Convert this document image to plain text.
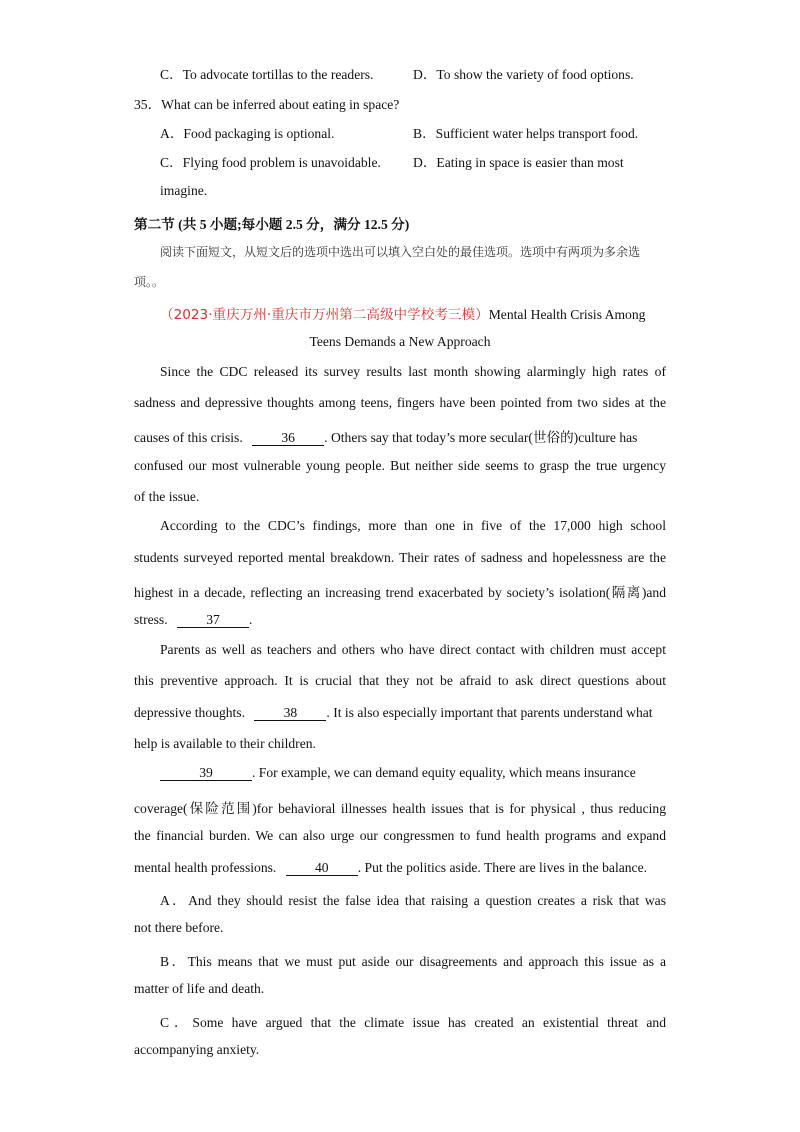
C．To advocate tortillas to the readers.	D．To show the variety of food options.
35．What can be inferred about eating in space?
A．Food packaging is optional.	B．Sufficient water helps transport food.
C．Flying food problem is unavoidable. D．Eating in space is easier than most
imagine.
第二节 (共 5 小题;每小题 2.5 分，满分 12.5 分)
阅读下面短文，从短文后的选项中选出可以填入空白处的最佳选项。选项中有两项为多余选
项。。
（2023·重庆万州·重庆市万州第二高级中学校考三模）Mental Health Crisis Among
Teens Demands a New Approach
Since the CDC released its survey results last month showing alarmingly high rates of
sadness and depressive thoughts among teens, fingers have been pointed from two sides at the
causes of this crisis.	36 . Others say that today’s more secular(世俗的)culture has
confused our most vulnerable young people. But neither side seems to grasp the true urgency
of the issue.
According to the CDC’s findings, more than one in five of the 17,000 high school
students surveyed reported mental breakdown. Their rates of sadness and hopelessness are the
highest in a decade, reflecting an increasing trend exacerbated by society’s isolation(隔离)and
stress.	37 .
Parents as well as teachers and others who have direct contact with children must accept
this preventive approach. It is crucial that they not be afraid to ask direct questions about
depressive thoughts.	38 . It is also especially important that parents understand what
help is available to their children.
39	. For example, we can demand equity equality, which means insurance
coverage(保险范围)for behavioral illnesses health issues that is for physical , thus reducing
the financial burden. We can also urge our congressmen to fund health programs and expand
mental health professions.	40 . Put the politics aside. There are lives in the balance.
A．And they should resist the false idea that raising a question creates a risk that was
not there before.
B．This means that we must put aside our disagreements and approach this issue as a
matter of life and death.
C．Some have argued that the climate issue has created an existential threat and
accompanying anxiety.
